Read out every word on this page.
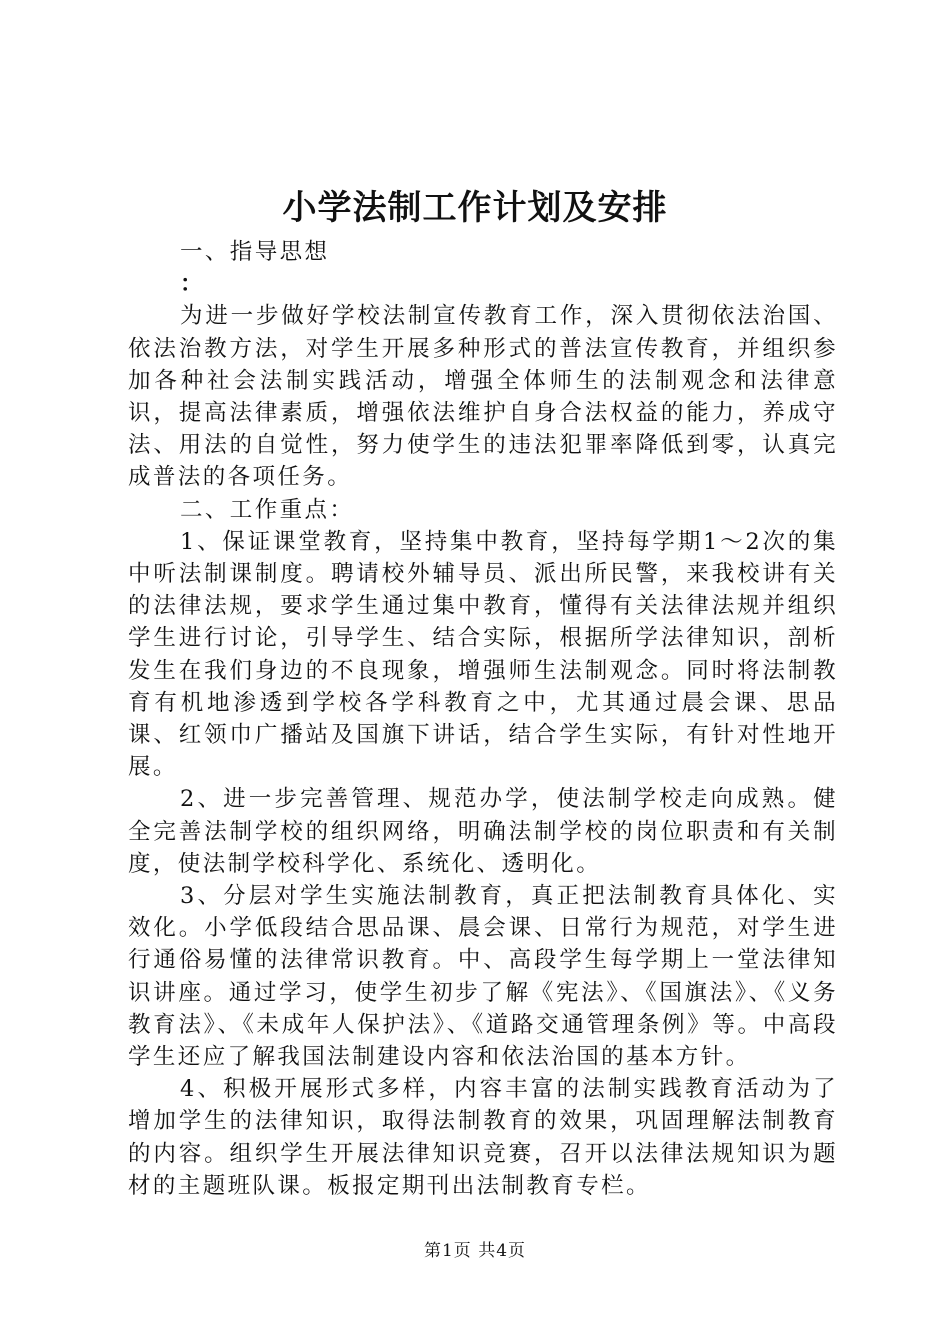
小学法制工作计划及安排

一、指导思想

：

为进一步做好学校法制宣传教育工作，深入贯彻依法治国、依法治教方法，对学生开展多种形式的普法宣传教育，并组织参加各种社会法制实践活动，增强全体师生的法制观念和法律意识，提高法律素质，增强依法维护自身合法权益的能力，养成守法、用法的自觉性，努力使学生的违法犯罪率降低到零，认真完成普法的各项任务。

二、工作重点：

1、保证课堂教育，坚持集中教育，坚持每学期1～2次的集中听法制课制度。聘请校外辅导员、派出所民警，来我校讲有关的法律法规，要求学生通过集中教育，懂得有关法律法规并组织学生进行讨论，引导学生、结合实际，根据所学法律知识，剖析发生在我们身边的不良现象，增强师生法制观念。同时将法制教育有机地渗透到学校各学科教育之中，尤其通过晨会课、思品课、红领巾广播站及国旗下讲话，结合学生实际，有针对性地开展。

2、进一步完善管理、规范办学，使法制学校走向成熟。健全完善法制学校的组织网络，明确法制学校的岗位职责和有关制度，使法制学校科学化、系统化、透明化。

3、分层对学生实施法制教育，真正把法制教育具体化、实效化。小学低段结合思品课、晨会课、日常行为规范，对学生进行通俗易懂的法律常识教育。中、高段学生每学期上一堂法律知识讲座。通过学习，使学生初步了解《宪法》、《国旗法》、《义务教育法》、《未成年人保护法》、《道路交通管理条例》等。中高段学生还应了解我国法制建设内容和依法治国的基本方针。

4、积极开展形式多样，内容丰富的法制实践教育活动为了增加学生的法律知识，取得法制教育的效果，巩固理解法制教育的内容。组织学生开展法律知识竞赛，召开以法律法规知识为题材的主题班队课。板报定期刊出法制教育专栏。

第1页 共4页
